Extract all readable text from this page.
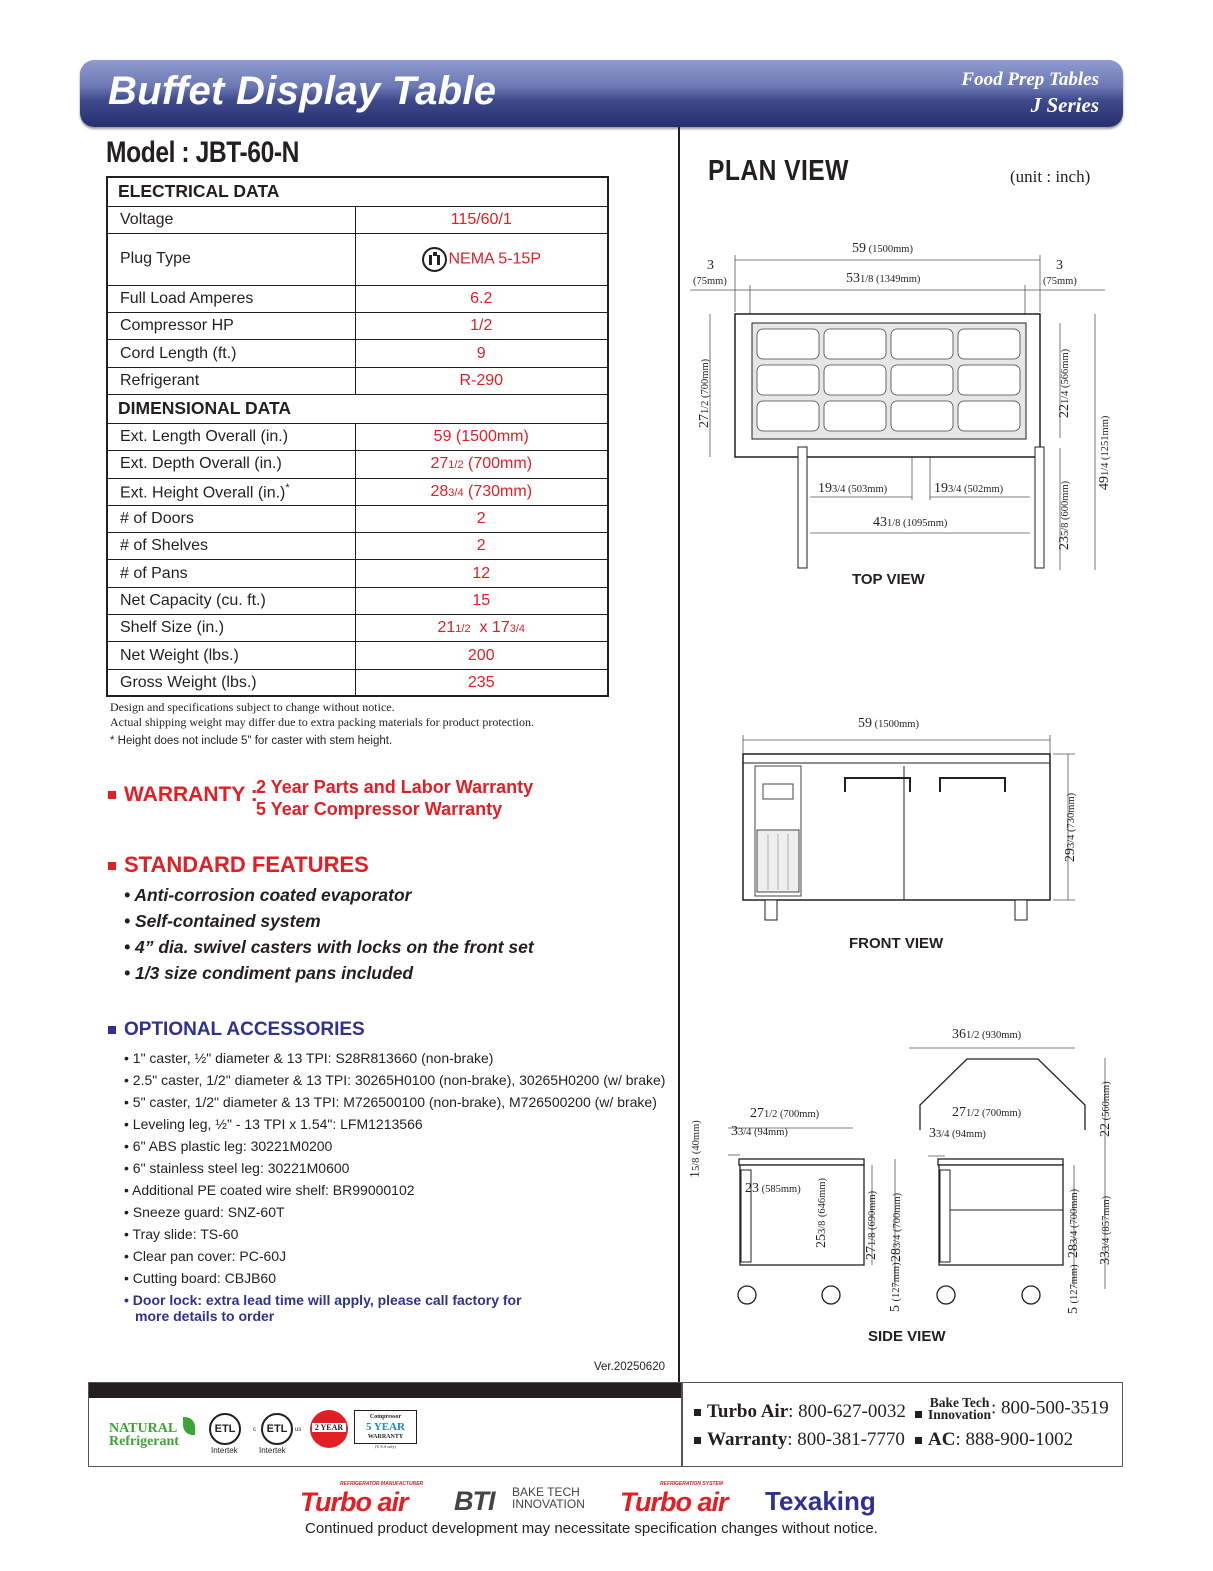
Buffet Display Table	Food Prep Tables
J Series
Model : JBT-60-N
ELECTRICAL DATA	
Voltage	115/60/1
Plug Type	NEMA 5-15P
Full Load Amperes	6.2
Compressor HP	1/2
Cord Length (ft.)	9
Refrigerant	R-290
DIMENSIONAL DATA	
Ext. Length Overall (in.)	59 (1500mm)
Ext. Depth Overall (in.)	271/2 (700mm)
Ext. Height Overall (in.)*	283/4 (730mm)
# of Doors	2
# of Shelves	2
# of Pans	12
Net Capacity (cu. ft.)	15
Shelf Size (in.)	211/2  x 173/4
Net Weight (lbs.)	200
Gross Weight (lbs.)	235
Design and specifications subject to change without notice.
Actual shipping weight may differ due to extra packing materials for product protection.
* Height does not include 5" for caster with stem height.
WARRANTY :
2 Year Parts and Labor Warranty
5 Year Compressor Warranty
STANDARD FEATURES
• Anti-corrosion coated evaporator
• Self-contained system
• 4” dia. swivel casters with locks on the front set
• 1/3 size condiment pans included
OPTIONAL ACCESSORIES
• 1" caster, ½" diameter & 13 TPI: S28R813660 (non-brake)
• 2.5" caster, 1/2" diameter & 13 TPI: 30265H0100 (non-brake), 30265H0200 (w/ brake)
• 5" caster, 1/2" diameter & 13 TPI: M726500100 (non-brake), M726500200 (w/ brake)
• Leveling leg, ½" - 13 TPI x 1.54": LFM1213566
• 6" ABS plastic leg: 30221M0200
• 6" stainless steel leg: 30221M0600
• Additional PE coated wire shelf: BR99000102
• Sneeze guard: SNZ-60T
• Tray slide: TS-60
• Clear pan cover: PC-60J
• Cutting board: CBJB60
• Door lock: extra lead time will apply, please call factory for
more details to order
Ver.20250620
PLAN VIEW	(unit : inch)
59 (1500mm)
531/8 (1349mm)
3
(75mm)
3
(75mm)
271/2 (700mm)
221/4 (566mm)
491/4 (1251mm)
235/8 (600mm)
193/4 (503mm)	193/4 (502mm)
431/8 (1095mm)
TOP VIEW
59 (1500mm)
293/4 (730mm)
FRONT VIEW
361/2 (930mm)
271/2 (700mm)
33/4 (94mm)
271/2 (700mm)
33/4 (94mm)
15/8 (40mm)
23 (585mm)
253/8 (646mm)
271/8 (690mm)
283/4 (700mm)
5 (127mm)
22 (560mm)
283/4 (700mm)
333/4 (857mm)
5 (127mm)
SIDE VIEW
NATURAL
Refrigerant
ETL
Intertek
ETL
c	us
Intertek
2 YEAR
Compressor
5 YEAR
WARRANTY
(U.S.A only)
Turbo Air: 800-627-0032 Bake Tech
Innovation : 800-500-3519
Warranty: 800-381-7770	AC: 888-900-1002
Turbo air
REFRIGERATOR MANUFACTURER
BTI BAKE TECH
INNOVATION Turbo air
REFRIGERATION SYSTEM
Texaking
Continued product development may necessitate specification changes without notice.
